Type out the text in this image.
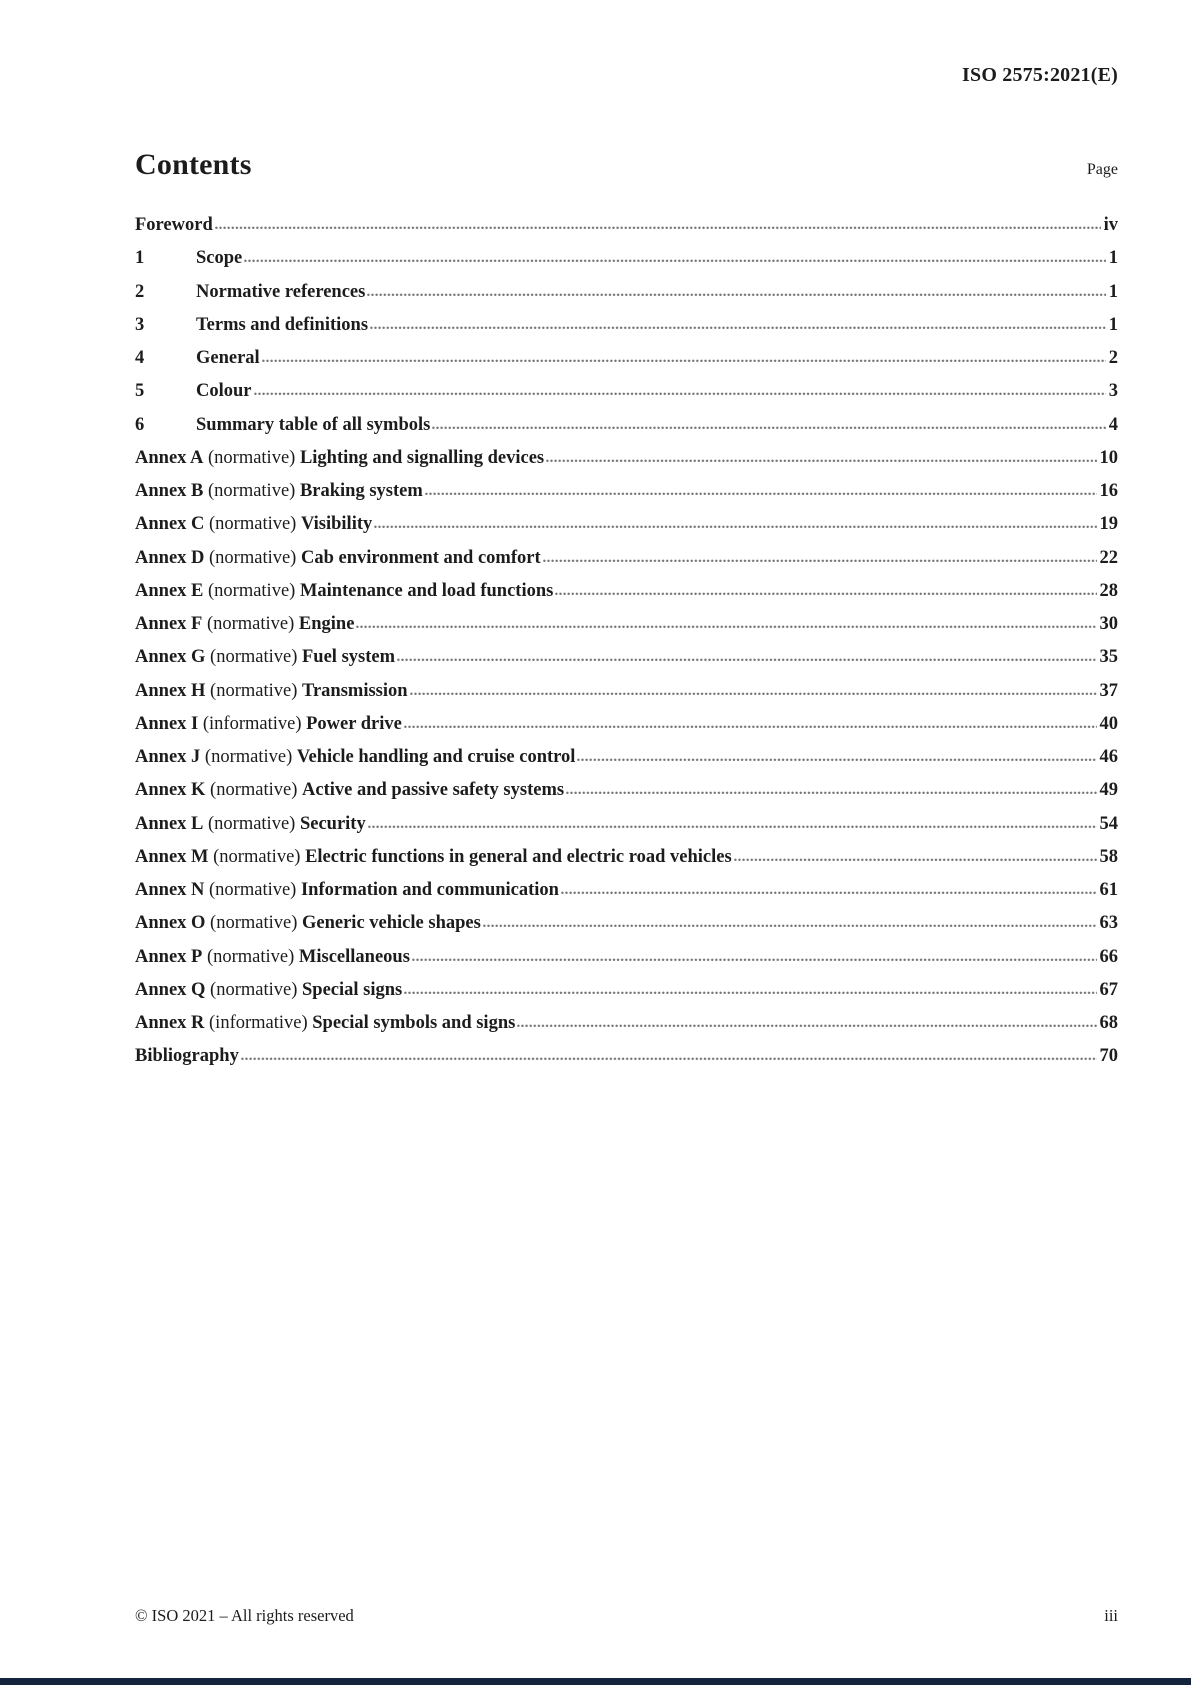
ISO 2575:2021(E)
Contents	Page
Foreword	iv
1	Scope	1
2	Normative references	1
3	Terms and definitions	1
4	General	2
5	Colour	3
6	Summary table of all symbols	4
Annex A (normative) Lighting and signalling devices	10
Annex B (normative) Braking system	16
Annex C (normative) Visibility	19
Annex D (normative) Cab environment and comfort	22
Annex E (normative) Maintenance and load functions	28
Annex F (normative) Engine	30
Annex G (normative) Fuel system	35
Annex H (normative) Transmission	37
Annex I (informative) Power drive	40
Annex J (normative) Vehicle handling and cruise control	46
Annex K (normative) Active and passive safety systems	49
Annex L (normative) Security	54
Annex M (normative) Electric functions in general and electric road vehicles	58
Annex N (normative) Information and communication	61
Annex O (normative) Generic vehicle shapes	63
Annex P (normative) Miscellaneous	66
Annex Q (normative) Special signs	67
Annex R (informative) Special symbols and signs	68
Bibliography	70
© ISO 2021 – All rights reserved	iii
